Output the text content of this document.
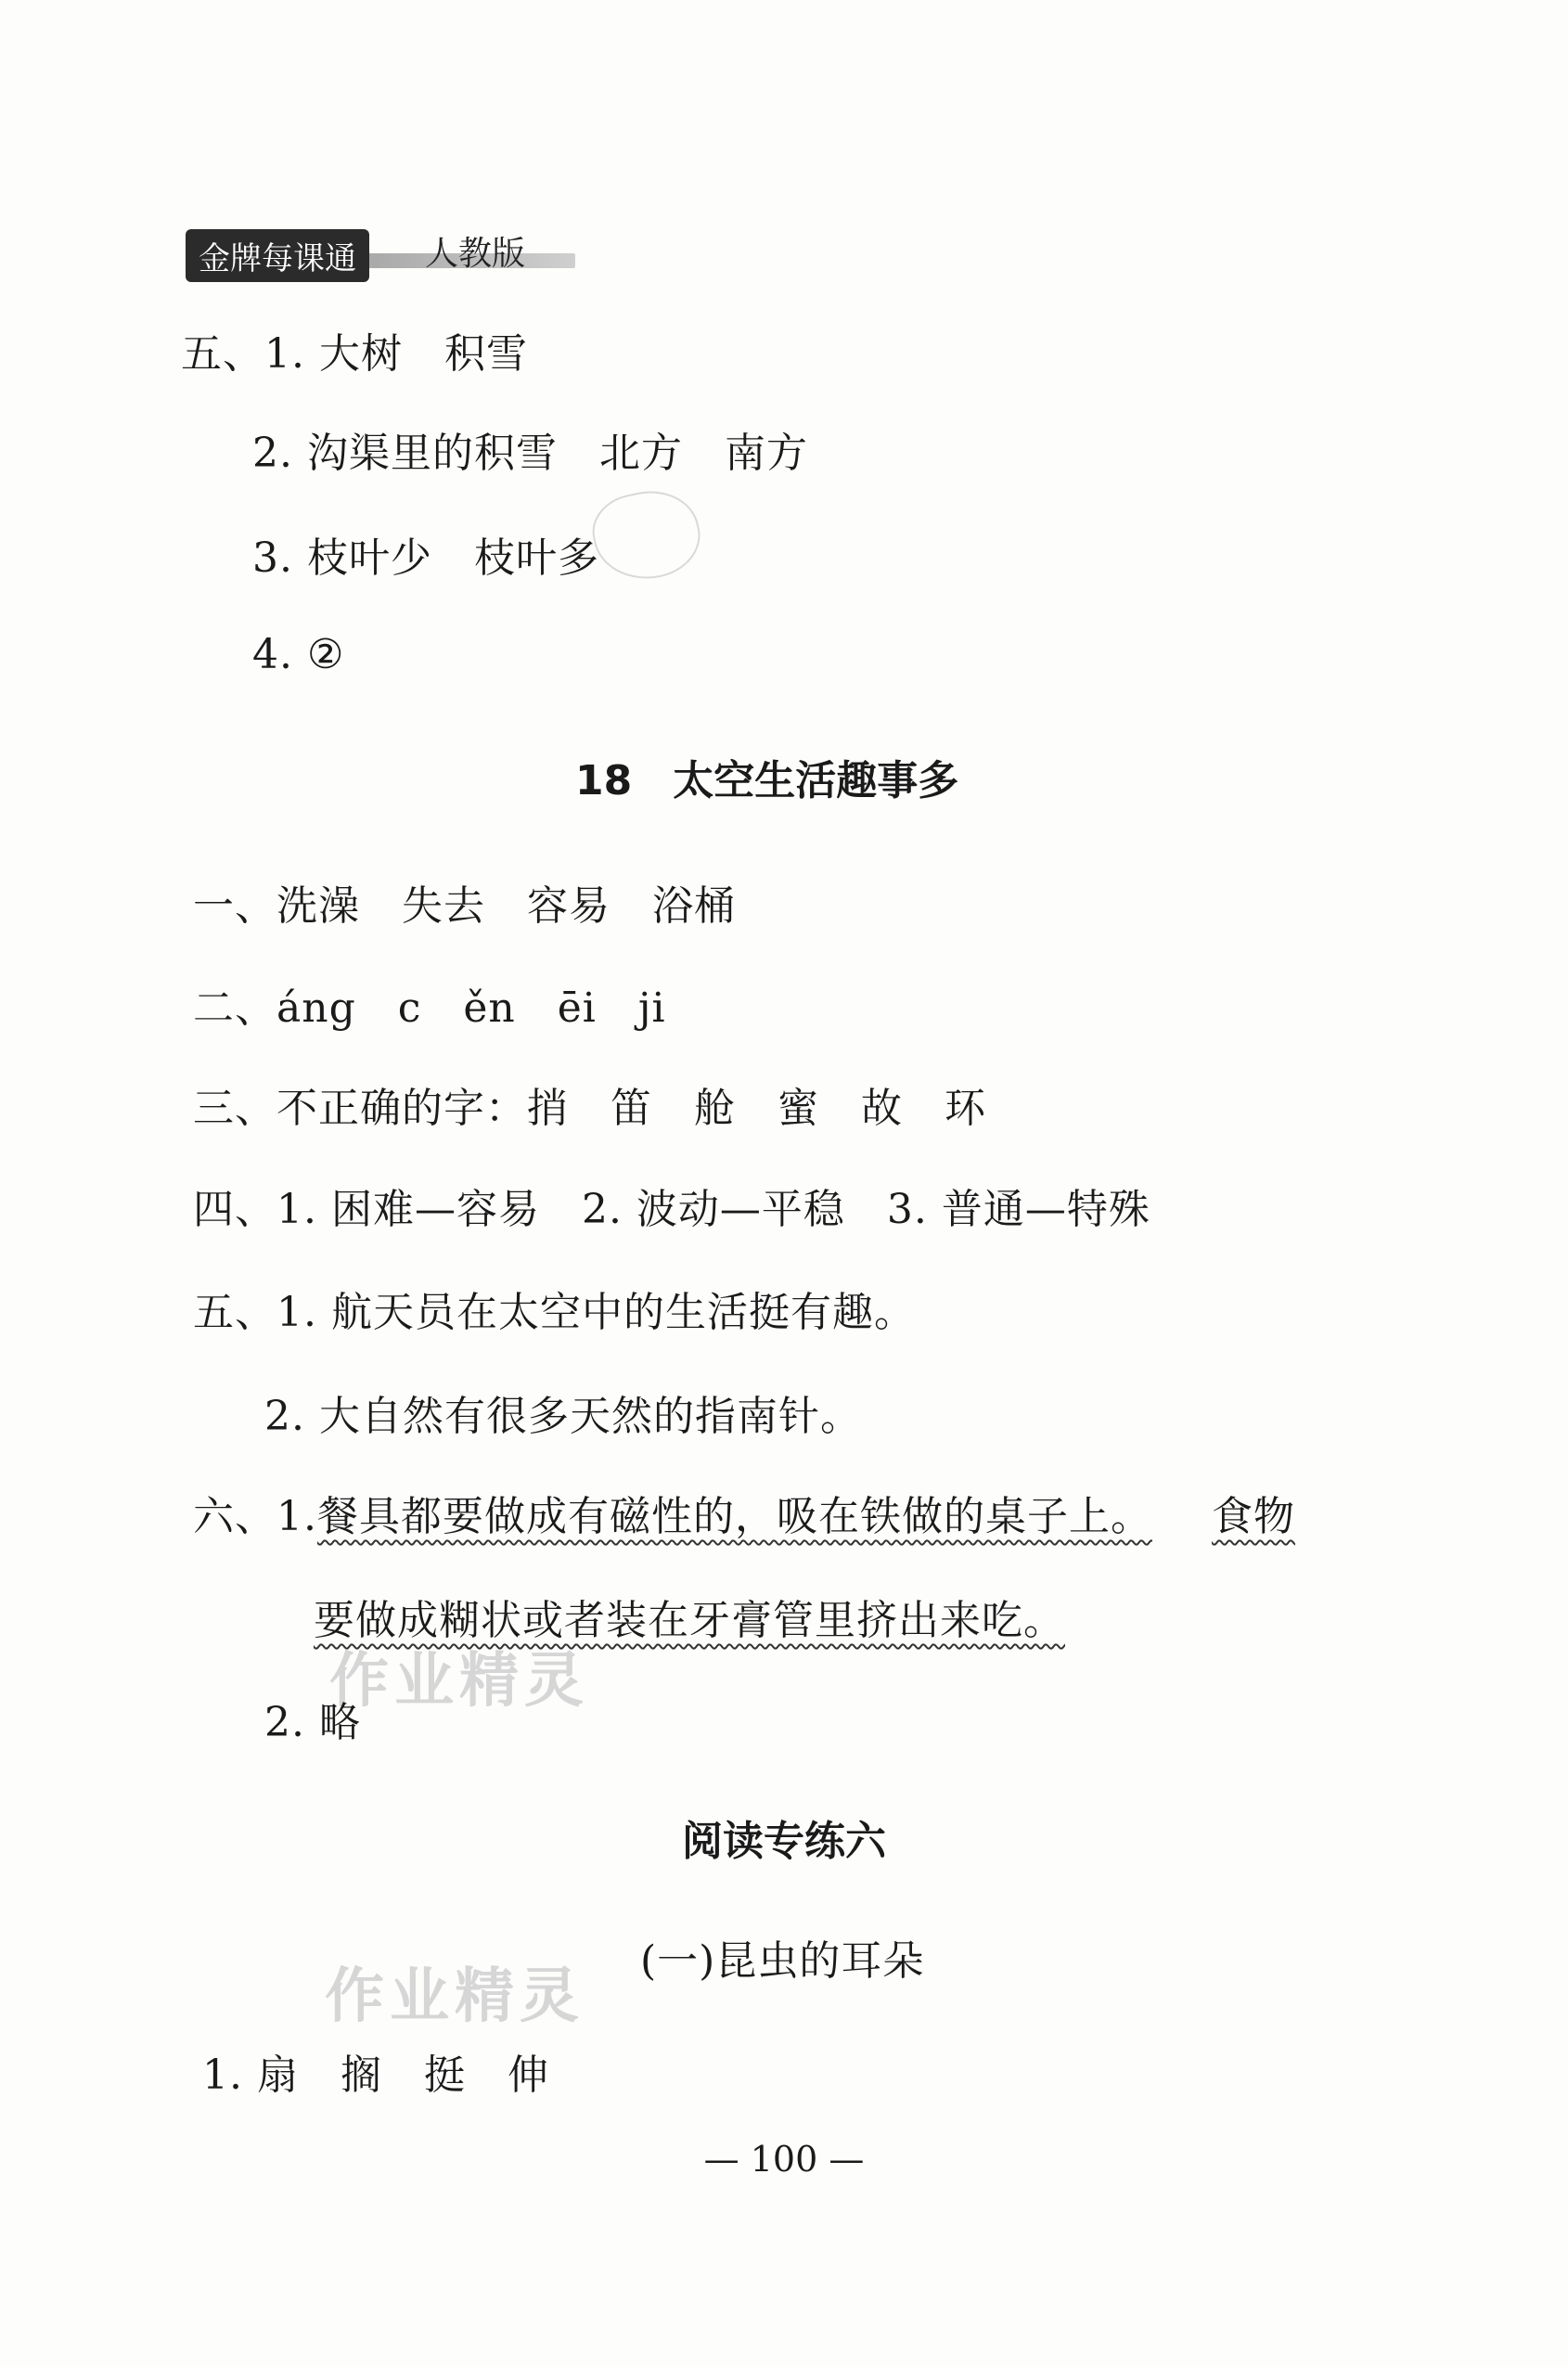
金牌每课通	人教版
五、1. 大树　积雪
2. 沟渠里的积雪　北方　南方
3. 枝叶少　枝叶多
4. ②
18　太空生活趣事多
一、洗澡　失去　容易　浴桶
二、áng　c　ěn　ēi　ji
三、不正确的字：捎　笛　舱　蜜　故　环
四、1. 困难—容易　2. 波动—平稳　3. 普通—特殊
五、1. 航天员在太空中的生活挺有趣。
2. 大自然有很多天然的指南针。
六、1.餐具都要做成有磁性的，吸在铁做的桌子上。 食物
要做成糊状或者装在牙膏管里挤出来吃。
作业精灵
2. 略
阅读专练六
(一)昆虫的耳朵
作业精灵
1. 扇　搁　挺　伸
— 100 —
